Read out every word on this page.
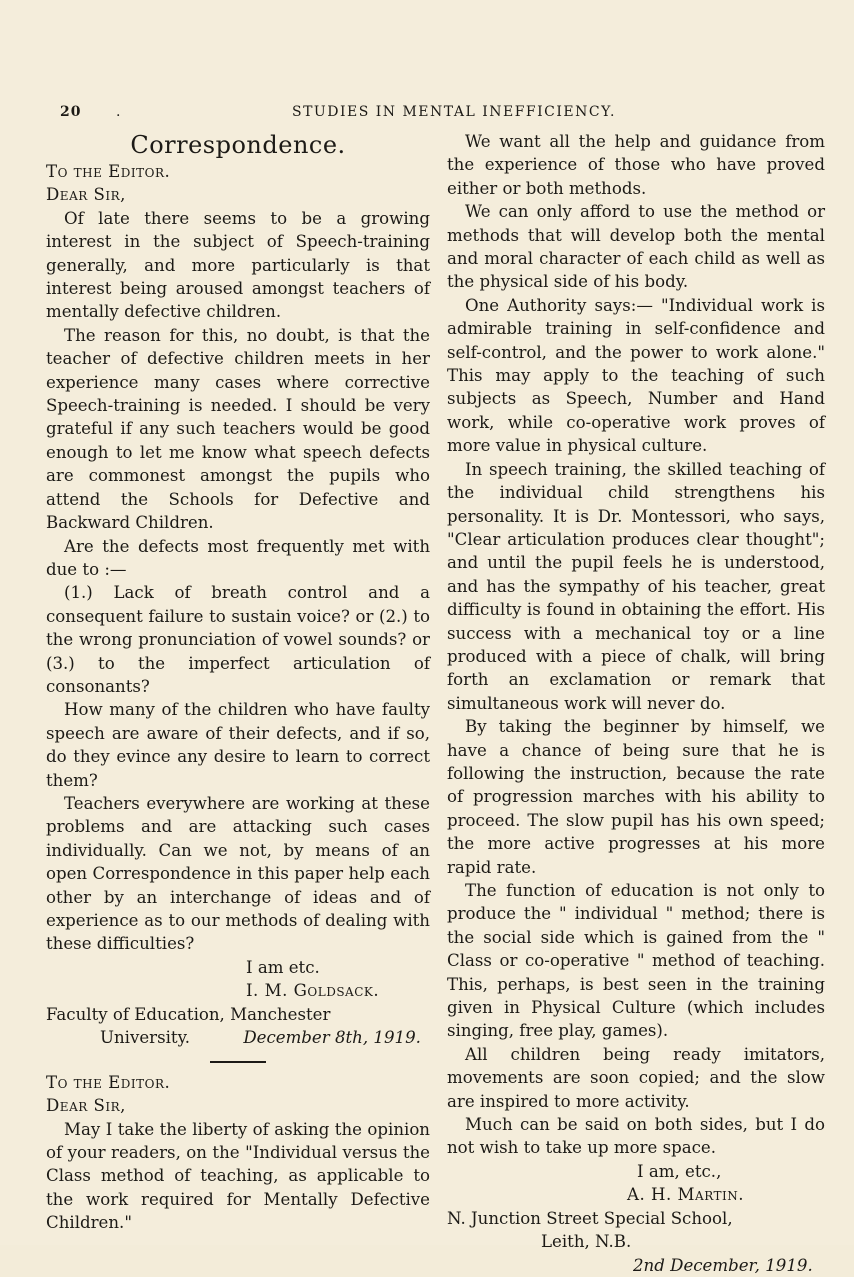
20 .	STUDIES IN MENTAL INEFFICIENCY.

Correspondence.

To the Editor.

Dear Sir,

Of late there seems to be a growing interest in the subject of Speech-training generally, and more particularly is that interest being aroused amongst teachers of mentally defective children.

The reason for this, no doubt, is that the teacher of defective children meets in her experience many cases where corrective Speech-training is needed. I should be very grateful if any such teachers would be good enough to let me know what speech defects are commonest amongst the pupils who attend the Schools for Defective and Backward Children.

Are the defects most frequently met with due to :—

(1.) Lack of breath control and a consequent failure to sustain voice? or (2.) to the wrong pronunciation of vowel sounds? or (3.) to the imperfect articulation of consonants?

How many of the children who have faulty speech are aware of their defects, and if so, do they evince any desire to learn to correct them?

Teachers everywhere are working at these problems and are attacking such cases individually. Can we not, by means of an open Correspondence in this paper help each other by an interchange of ideas and of experience as to our methods of dealing with these difficulties?

I am etc.

I. M. Goldsack.

Faculty of Education, Manchester

University.	December 8th, 1919.

To the Editor.

Dear Sir,

May I take the liberty of asking the opinion of your readers, on the "Individual versus the Class method of teaching, as applicable to the work required for Mentally Defective Children."

We want all the help and guidance from the experience of those who have proved either or both methods.

We can only afford to use the method or methods that will develop both the mental and moral character of each child as well as the physical side of his body.

One Authority says:— "Individual work is admirable training in self-confidence and self-control, and the power to work alone." This may apply to the teaching of such subjects as Speech, Number and Hand work, while co-operative work proves of more value in physical culture.

In speech training, the skilled teaching of the individual child strengthens his personality. It is Dr. Montessori, who says, "Clear articulation produces clear thought"; and until the pupil feels he is understood, and has the sympathy of his teacher, great difficulty is found in obtaining the effort. His success with a mechanical toy or a line produced with a piece of chalk, will bring forth an exclamation or remark that simultaneous work will never do.

By taking the beginner by himself, we have a chance of being sure that he is following the instruction, because the rate of progression marches with his ability to proceed. The slow pupil has his own speed; the more active progresses at his more rapid rate.

The function of education is not only to produce the " individual " method; there is the social side which is gained from the " Class or co-operative " method of teaching. This, perhaps, is best seen in the training given in Physical Culture (which includes singing, free play, games).

All children being ready imitators, movements are soon copied; and the slow are inspired to more activity.

Much can be said on both sides, but I do not wish to take up more space.

I am, etc.,

A. H. Martin.

N. Junction Street Special School,

Leith, N.B.

2nd December, 1919.
